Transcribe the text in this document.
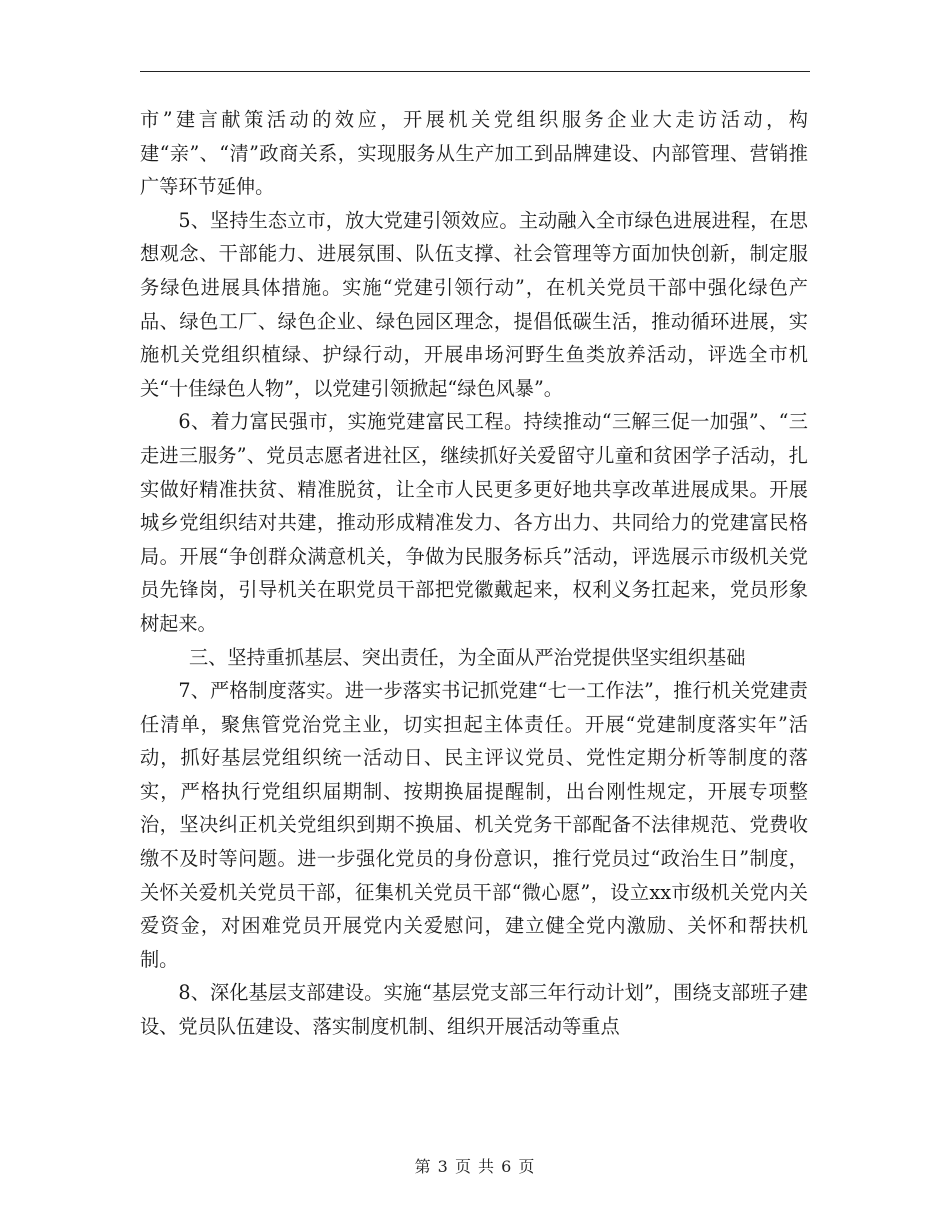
市”建言献策活动的效应，开展机关党组织服务企业大走访活动，构建“亲”、“清”政商关系，实现服务从生产加工到品牌建设、内部管理、营销推广等环节延伸。

5、坚持生态立市，放大党建引领效应。主动融入全市绿色进展进程，在思想观念、干部能力、进展氛围、队伍支撑、社会管理等方面加快创新，制定服务绿色进展具体措施。实施“党建引领行动”，在机关党员干部中强化绿色产品、绿色工厂、绿色企业、绿色园区理念，提倡低碳生活，推动循环进展，实施机关党组织植绿、护绿行动，开展串场河野生鱼类放养活动，评选全市机关“十佳绿色人物”，以党建引领掀起“绿色风暴”。

6、着力富民强市，实施党建富民工程。持续推动“三解三促一加强”、“三走进三服务”、党员志愿者进社区，继续抓好关爱留守儿童和贫困学子活动，扎实做好精准扶贫、精准脱贫，让全市人民更多更好地共享改革进展成果。开展城乡党组织结对共建，推动形成精准发力、各方出力、共同给力的党建富民格局。开展“争创群众满意机关，争做为民服务标兵”活动，评选展示市级机关党员先锋岗，引导机关在职党员干部把党徽戴起来，权利义务扛起来，党员形象树起来。

三、坚持重抓基层、突出责任，为全面从严治党提供坚实组织基础

7、严格制度落实。进一步落实书记抓党建“七一工作法”，推行机关党建责任清单，聚焦管党治党主业，切实担起主体责任。开展“党建制度落实年”活动，抓好基层党组织统一活动日、民主评议党员、党性定期分析等制度的落实，严格执行党组织届期制、按期换届提醒制，出台刚性规定，开展专项整治，坚决纠正机关党组织到期不换届、机关党务干部配备不法律规范、党费收缴不及时等问题。进一步强化党员的身份意识，推行党员过“政治生日”制度，关怀关爱机关党员干部，征集机关党员干部“微心愿”，设立xx市级机关党内关爱资金，对困难党员开展党内关爱慰问，建立健全党内激励、关怀和帮扶机制。

8、深化基层支部建设。实施“基层党支部三年行动计划”，围绕支部班子建设、党员队伍建设、落实制度机制、组织开展活动等重点

第 3 页 共 6 页
